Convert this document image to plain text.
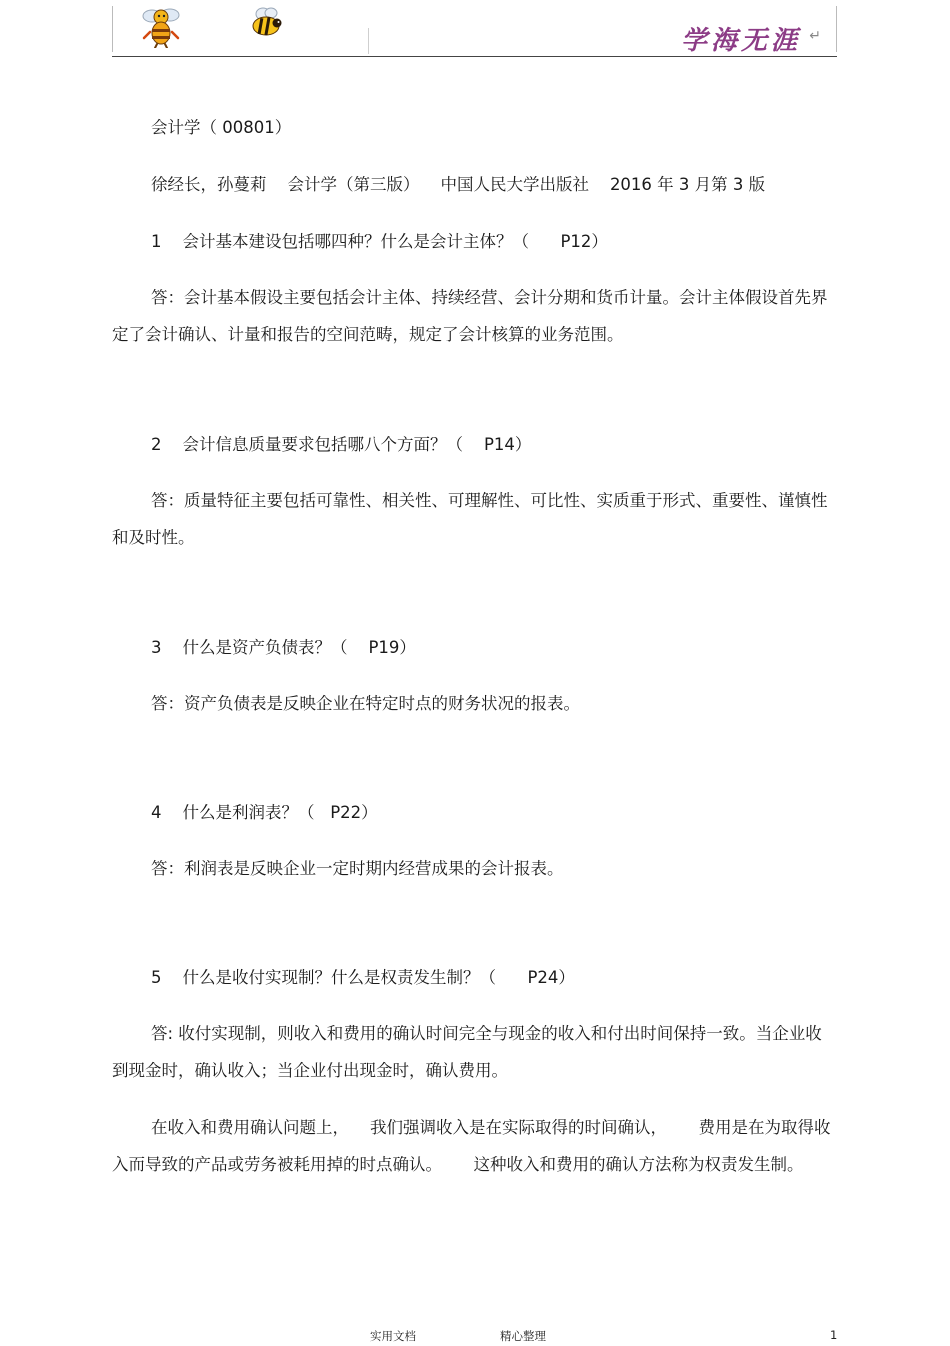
学海无涯 ↵

会计学（ 00801）

徐经长，孙蔓莉    会计学（第三版）    中国人民大学出版社    2016 年 3 月第 3 版

1    会计基本建设包括哪四种？什么是会计主体？（      P12）

答：会计基本假设主要包括会计主体、持续经营、会计分期和货币计量。会计主体假设首先界定了会计确认、计量和报告的空间范畴，规定了会计核算的业务范围。

2    会计信息质量要求包括哪八个方面？（    P14）

答：质量特征主要包括可靠性、相关性、可理解性、可比性、实质重于形式、重要性、谨慎性和及时性。

3    什么是资产负债表？（    P19）

答：资产负债表是反映企业在特定时点的财务状况的报表。

4    什么是利润表？（   P22）

答：利润表是反映企业一定时期内经营成果的会计报表。

5    什么是收付实现制？什么是权责发生制？（      P24）

答: 收付实现制，则收入和费用的确认时间完全与现金的收入和付出时间保持一致。当企业收到现金时，确认收入；当企业付出现金时，确认费用。

在收入和费用确认问题上，    我们强调收入是在实际取得的时间确认，      费用是在为取得收入而导致的产品或劳务被耗用掉的时点确认。      这种收入和费用的确认方法称为权责发生制。

实用文档	精心整理	1
